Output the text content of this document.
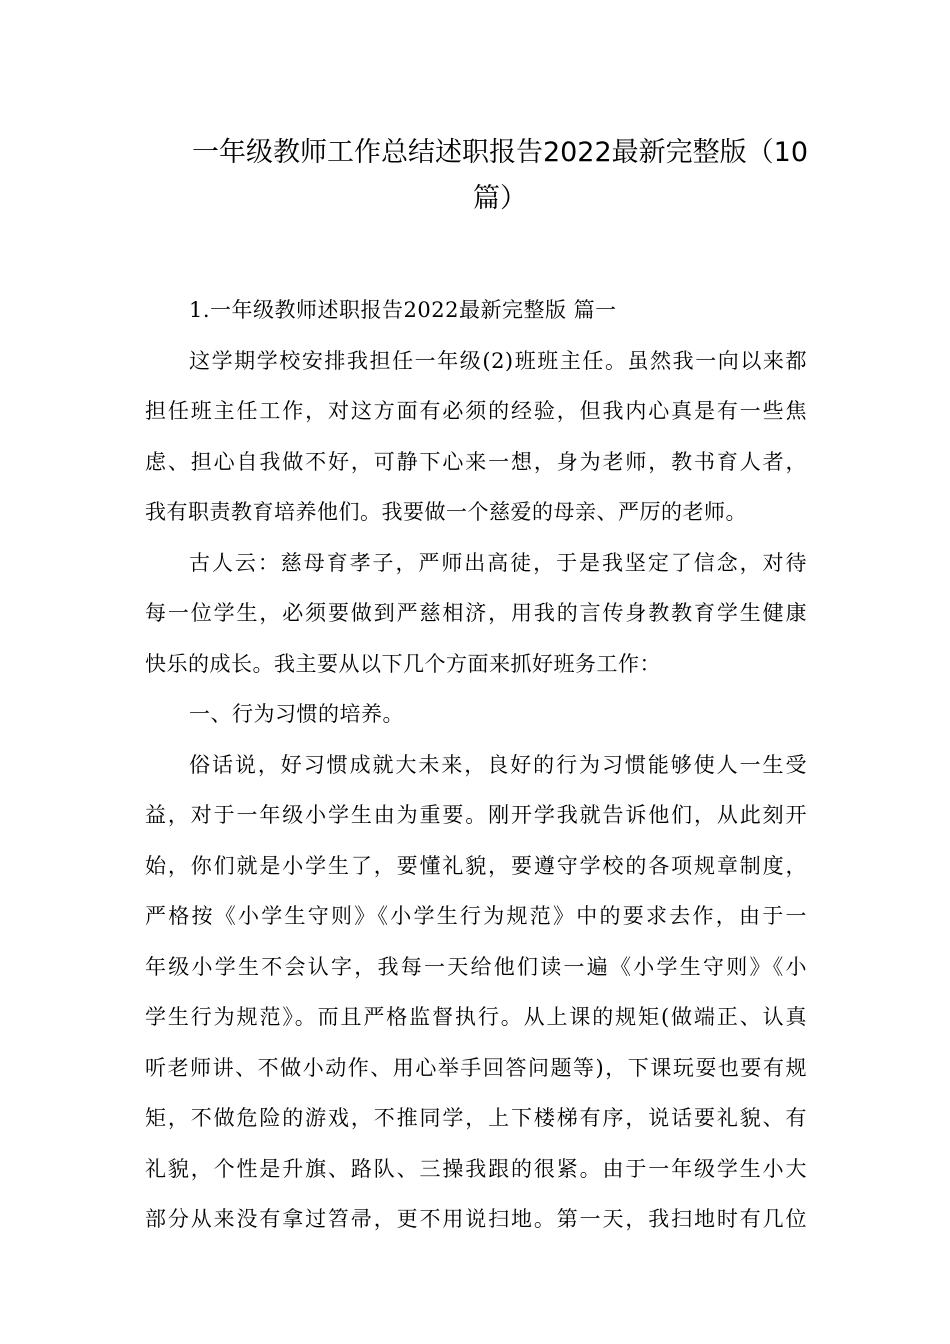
一年级教师工作总结述职报告2022最新完整版（10
篇）
1.一年级教师述职报告2022最新完整版 篇一
这学期学校安排我担任一年级(2)班班主任。虽然我一向以来都
担任班主任工作，对这方面有必须的经验，但我内心真是有一些焦
虑、担心自我做不好，可静下心来一想，身为老师，教书育人者，
我有职责教育培养他们。我要做一个慈爱的母亲、严厉的老师。
古人云：慈母育孝子，严师出高徒，于是我坚定了信念，对待
每一位学生，必须要做到严慈相济，用我的言传身教教育学生健康
快乐的成长。我主要从以下几个方面来抓好班务工作：
一、行为习惯的培养。
俗话说，好习惯成就大未来，良好的行为习惯能够使人一生受
益，对于一年级小学生由为重要。刚开学我就告诉他们，从此刻开
始，你们就是小学生了，要懂礼貌，要遵守学校的各项规章制度，
严格按《小学生守则》《小学生行为规范》中的要求去作，由于一
年级小学生不会认字，我每一天给他们读一遍《小学生守则》《小
学生行为规范》。而且严格监督执行。从上课的规矩(做端正、认真
听老师讲、不做小动作、用心举手回答问题等)，下课玩耍也要有规
矩，不做危险的游戏，不推同学，上下楼梯有序，说话要礼貌、有
礼貌，个性是升旗、路队、三操我跟的很紧。由于一年级学生小大
部分从来没有拿过笤帚，更不用说扫地。第一天，我扫地时有几位
